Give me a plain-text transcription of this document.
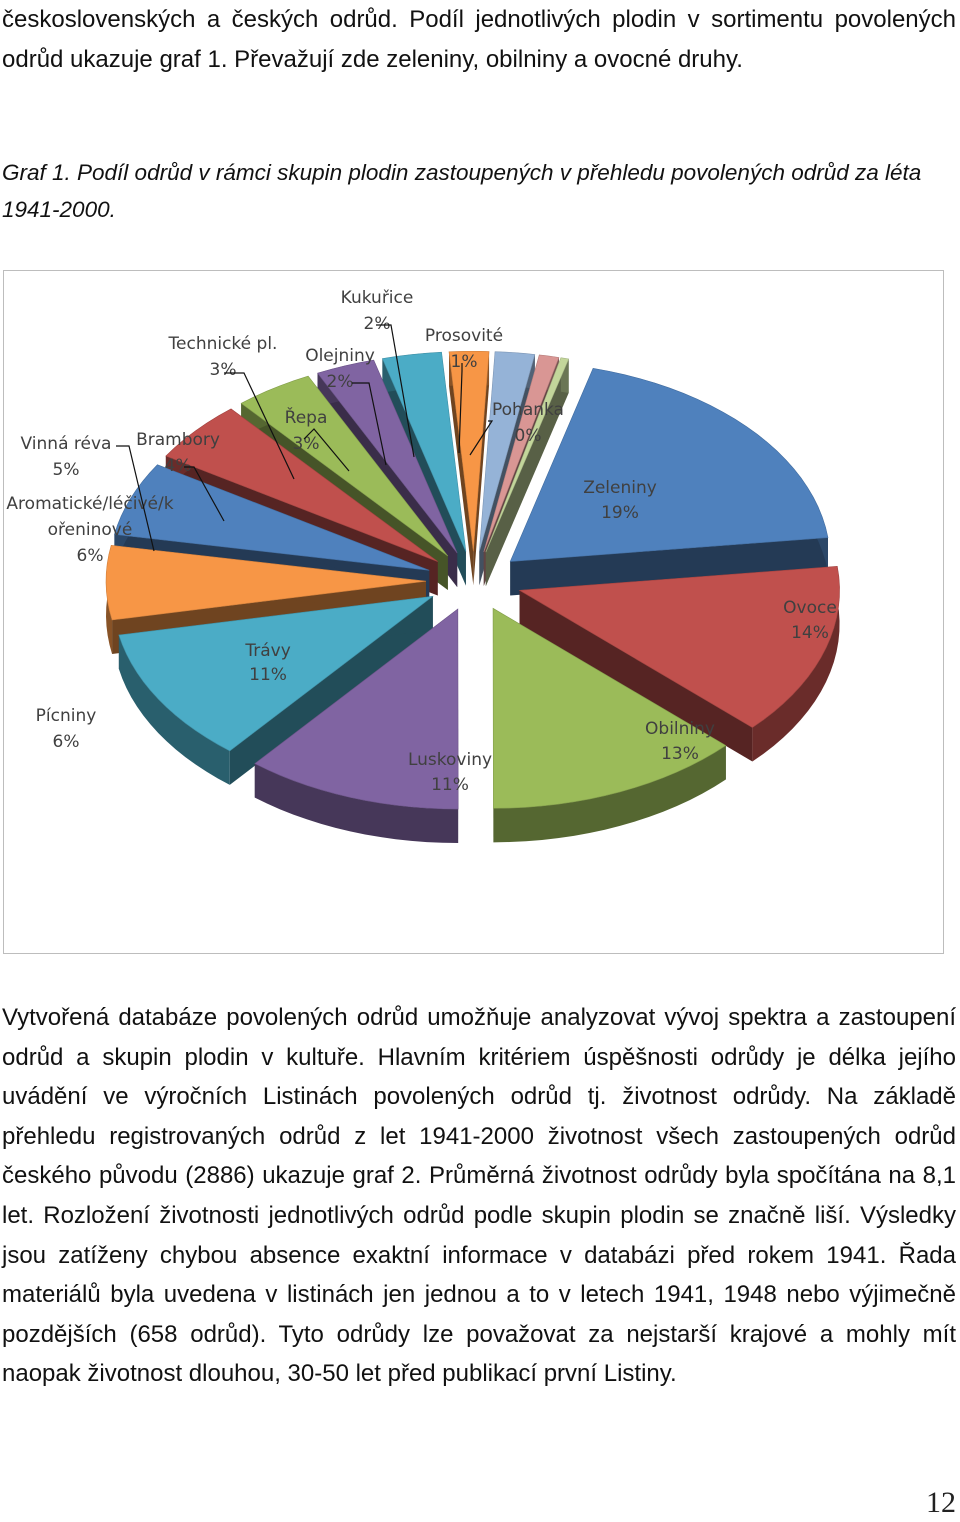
československých a českých odrůd. Podíl jednotlivých plodin v sortimentu povolených odrůd ukazuje graf 1. Převažují zde zeleniny, obilniny a ovocné druhy.

Graf 1. Podíl odrůd v rámci skupin plodin zastoupených v přehledu povolených odrůd za léta 1941-2000.

Zeleniny
19%
Ovoce
14%
Obilniny
13%
Luskoviny
11%
Trávy
11%
Pícniny
6%
Aromatické/léčivé/k
ořeninové
6%
Vinná réva
5%
Brambory
4%
Řepa
3%
Technické pl.
3%
Olejniny
2%
Kukuřice
2%
Prosovité
1%
Pohanka
0%

Vytvořená databáze povolených odrůd umožňuje analyzovat vývoj spektra a zastoupení odrůd a skupin plodin v kultuře. Hlavním kritériem úspěšnosti odrůdy je délka jejího uvádění ve výročních Listinách povolených odrůd tj. životnost odrůdy. Na základě přehledu registrovaných odrůd z let 1941-2000 životnost všech zastoupených odrůd českého původu (2886) ukazuje graf 2. Průměrná životnost odrůdy byla spočítána na 8,1 let. Rozložení životnosti jednotlivých odrůd podle skupin plodin se značně liší. Výsledky jsou zatíženy chybou absence exaktní informace v databázi před rokem 1941. Řada materiálů byla uvedena v listinách jen jednou a to v letech 1941, 1948 nebo výjimečně pozdějších (658 odrůd). Tyto odrůdy lze považovat za nejstarší krajové a mohly mít naopak životnost dlouhou, 30-50 let před publikací první Listiny.

12
